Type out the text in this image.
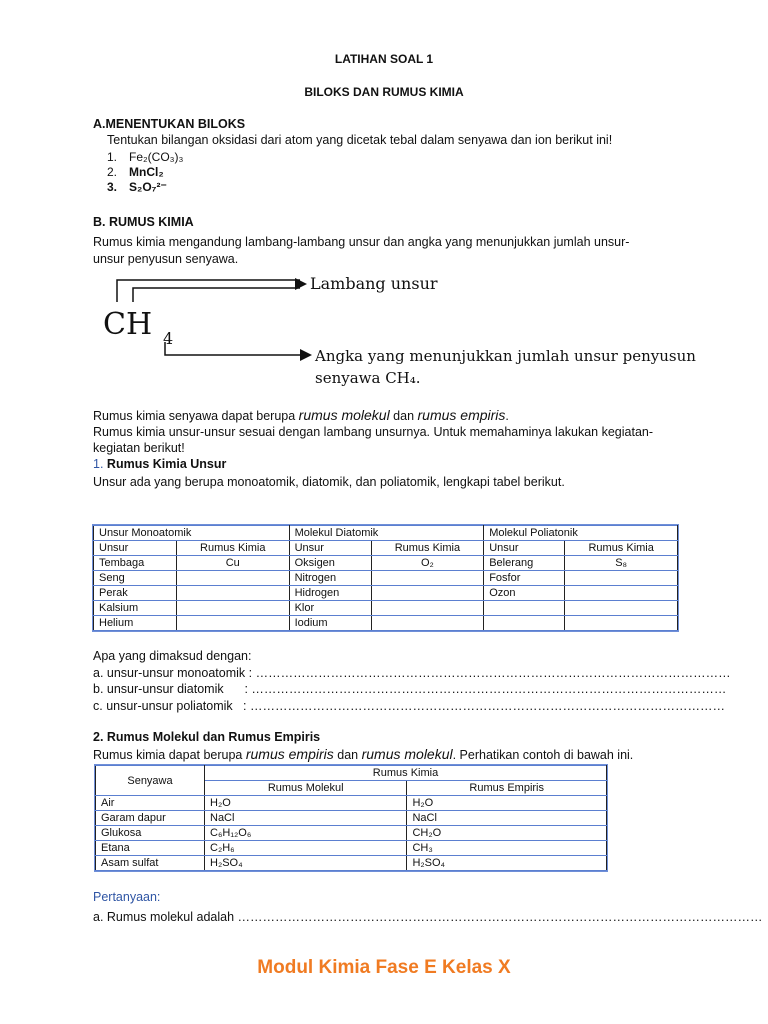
LATIHAN SOAL 1
BILOKS DAN RUMUS KIMIA
A.MENENTUKAN BILOKS
Tentukan bilangan oksidasi dari atom yang dicetak tebal dalam senyawa dan ion berikut ini!
1. Fe₂(CO₃)₃
2. MnCl₂
3. S₂O₇²⁻
B. RUMUS KIMIA
Rumus kimia mengandung lambang-lambang unsur dan angka yang menunjukkan jumlah unsur-
unsur penyusun senyawa.
CH 4
Lambang unsur
Angka yang menunjukkan jumlah unsur penyusun
senyawa CH₄.
Rumus kimia senyawa dapat berupa rumus molekul dan rumus empiris.
Rumus kimia unsur-unsur sesuai dengan lambang unsurnya. Untuk memahaminya lakukan kegiatan-
kegiatan berikut!
1. Rumus Kimia Unsur
Unsur ada yang berupa monoatomik, diatomik, dan poliatomik, lengkapi tabel berikut.
Unsur Monoatomik		Molekul Diatomik		Molekul Poliatonik	
Unsur	Rumus Kimia	Unsur	Rumus Kimia	Unsur	Rumus Kimia
Tembaga	Cu	Oksigen	O₂	Belerang	S₈
Seng		Nitrogen		Fosfor	
Perak		Hidrogen		Ozon	
Kalsium		Klor			
Helium		Iodium			
Apa yang dimaksud dengan:
a. unsur-unsur monoatomik : ……………………………………………………………………………………………………
b. unsur-unsur diatomik      : ……………………………………………………………………………………………………
c. unsur-unsur poliatomik   : ……………………………………………………………………………………………………
2. Rumus Molekul dan Rumus Empiris
Rumus kimia dapat berupa rumus empiris dan rumus molekul. Perhatikan contoh di bawah ini.
Senyawa	Rumus Kimia	
	Rumus Molekul	Rumus Empiris
Air	H₂O	H₂O
Garam dapur	NaCl	NaCl
Glukosa	C₆H₁₂O₆	CH₂O
Etana	C₂H₆	CH₃
Asam sulfat	H₂SO₄	H₂SO₄
Pertanyaan:
a. Rumus molekul adalah ………………………………………………………………………………………………………………
Modul Kimia Fase E Kelas X
